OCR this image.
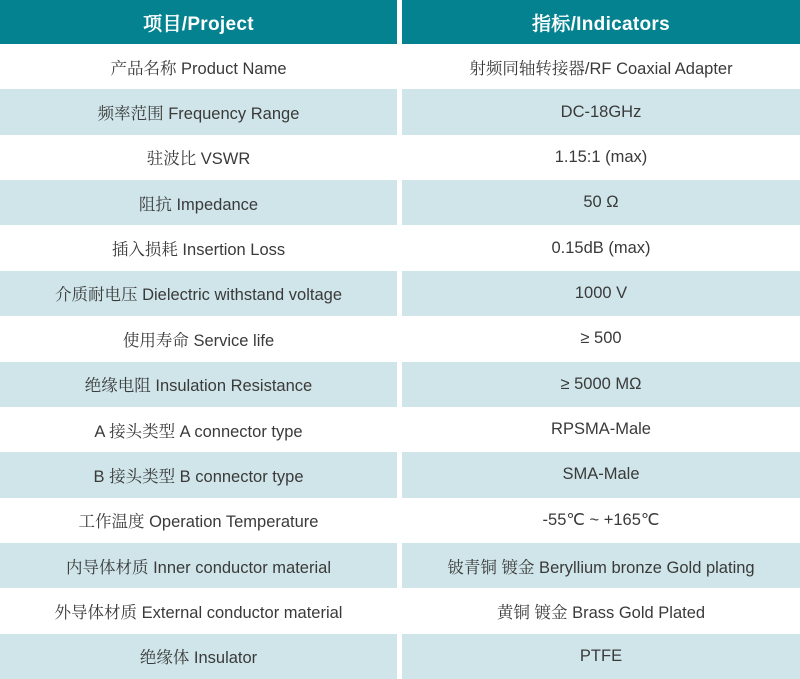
项目/Project	指标/Indicators
产品名称 Product Name	射频同轴转接器/RF Coaxial Adapter
频率范围 Frequency Range	DC-18GHz
驻波比 VSWR	1.15:1 (max)
阻抗 Impedance	50 Ω
插入损耗 Insertion Loss	0.15dB (max)
介质耐电压 Dielectric withstand voltage	1000 V
使用寿命 Service life	≥ 500
绝缘电阻 Insulation Resistance	≥ 5000 MΩ
A 接头类型 A connector type	RPSMA-Male
B 接头类型 B connector type	SMA-Male
工作温度 Operation Temperature	-55℃ ~ +165℃
内导体材质 Inner conductor material	铍青铜 镀金 Beryllium bronze Gold plating
外导体材质 External conductor material	黄铜 镀金 Brass Gold Plated
绝缘体 Insulator	PTFE
